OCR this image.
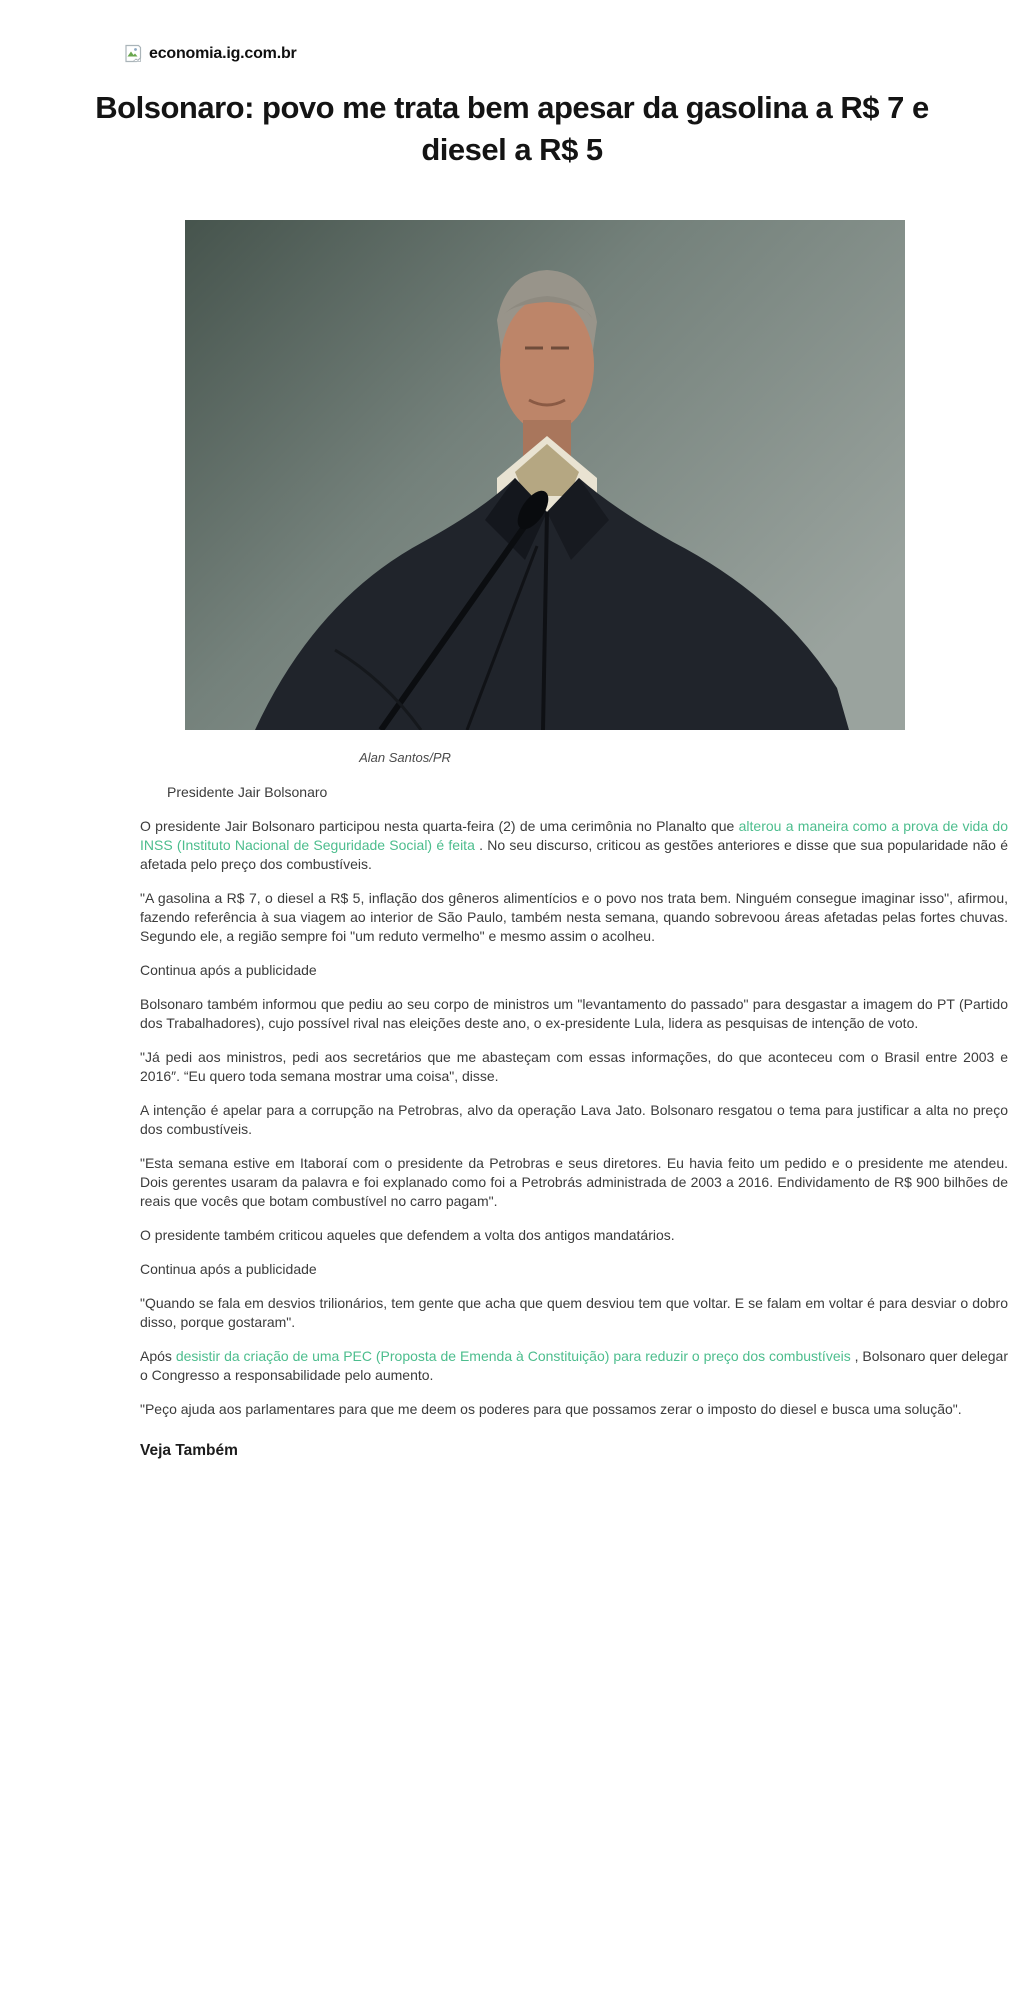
economia.ig.com.br
Bolsonaro: povo me trata bem apesar da gasolina a R$ 7 e diesel a R$ 5
Alan Santos/PR
Presidente Jair Bolsonaro

O presidente Jair Bolsonaro participou nesta quarta-feira (2) de uma cerimônia no Planalto que alterou a maneira como a prova de vida do INSS (Instituto Nacional de Seguridade Social) é feita . No seu discurso, criticou as gestões anteriores e disse que sua popularidade não é afetada pelo preço dos combustíveis.

"A gasolina a R$ 7, o diesel a R$ 5, inflação dos gêneros alimentícios e o povo nos trata bem. Ninguém consegue imaginar isso", afirmou, fazendo referência à sua viagem ao interior de São Paulo, também nesta semana, quando sobrevoou áreas afetadas pelas fortes chuvas. Segundo ele, a região sempre foi "um reduto vermelho" e mesmo assim o acolheu.

Continua após a publicidade

Bolsonaro também informou que pediu ao seu corpo de ministros um "levantamento do passado" para desgastar a imagem do PT (Partido dos Trabalhadores), cujo possível rival nas eleições deste ano, o ex-presidente Lula, lidera as pesquisas de intenção de voto.

"Já pedi aos ministros, pedi aos secretários que me abasteçam com essas informações, do que aconteceu com o Brasil entre 2003 e 2016″. “Eu quero toda semana mostrar uma coisa", disse.

A intenção é apelar para a corrupção na Petrobras, alvo da operação Lava Jato. Bolsonaro resgatou o tema para justificar a alta no preço dos combustíveis.

"Esta semana estive em Itaboraí com o presidente da Petrobras e seus diretores. Eu havia feito um pedido e o presidente me atendeu. Dois gerentes usaram da palavra e foi explanado como foi a Petrobrás administrada de 2003 a 2016. Endividamento de R$ 900 bilhões de reais que vocês que botam combustível no carro pagam".

O presidente também criticou aqueles que defendem a volta dos antigos mandatários.

Continua após a publicidade

"Quando se fala em desvios trilionários, tem gente que acha que quem desviou tem que voltar. E se falam em voltar é para desviar o dobro disso, porque gostaram".

Após desistir da criação de uma PEC (Proposta de Emenda à Constituição) para reduzir o preço dos combustíveis , Bolsonaro quer delegar o Congresso a responsabilidade pelo aumento.

"Peço ajuda aos parlamentares para que me deem os poderes para que possamos zerar o imposto do diesel e busca uma solução".

Veja Também
